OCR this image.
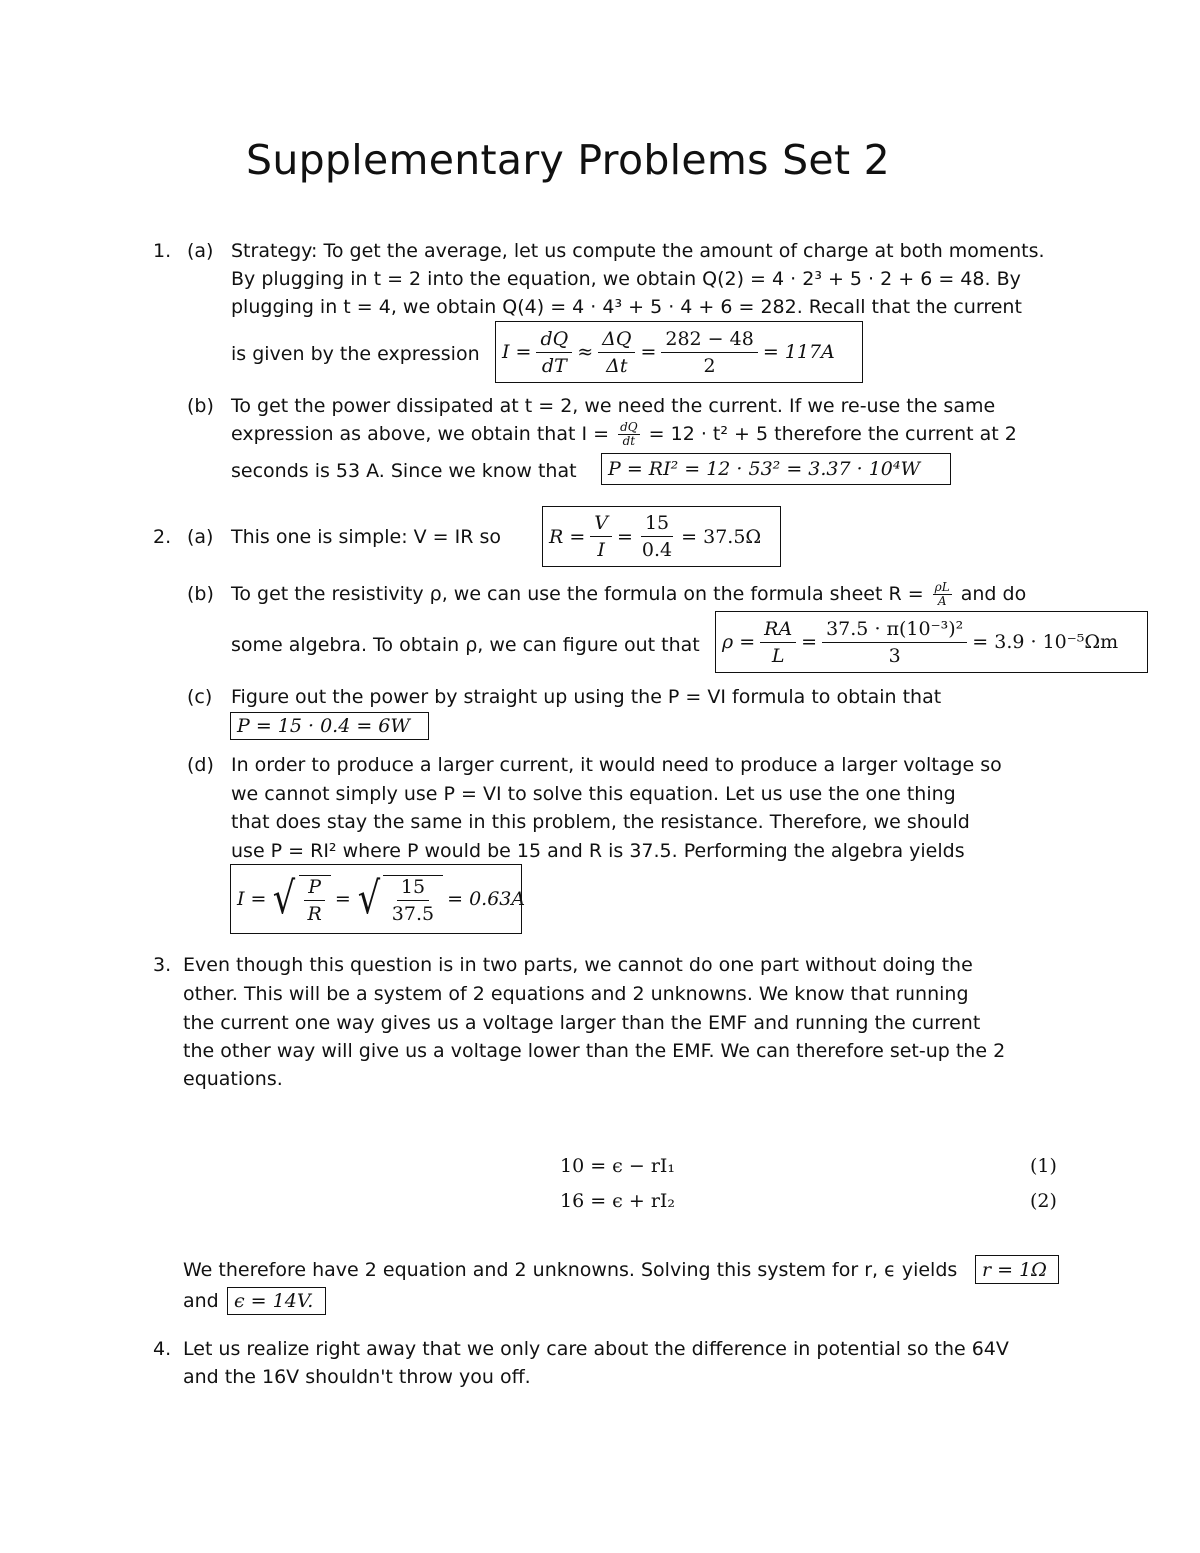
Supplementary Problems Set 2
1. (a) Strategy: To get the average, let us compute the amount of charge at both moments.
By plugging in t = 2 into the equation, we obtain Q(2) = 4 · 2³ + 5 · 2 + 6 = 48. By
plugging in t = 4, we obtain Q(4) = 4 · 4³ + 5 · 4 + 6 = 282. Recall that the current
is given by the expression $I = \frac{dQ}{dT} \approx \frac{\Delta Q}{\Delta t} = \frac{282 - 48}{2} = 117A$
(b) To get the power dissipated at t = 2, we need the current. If we re-use the same
expression as above, we obtain that $I = \frac{dQ}{dt} = 12 \cdot t^2 + 5$ therefore the current at 2
seconds is 53 A. Since we know that P = RI² = 12 · 53² = 3.37 · 10⁴W
2. (a) This one is simple: V = IR so	$R = \frac{V}{I} = \frac{15}{0.4} = 37.5\Omega$
(b) To get the resistivity ρ, we can use the formula on the formula sheet $R = \frac{\rho L}{A}$ and do
some algebra. To obtain ρ, we can figure out that $\rho = \frac{RA}{L} = \frac{\text{37.5 · π(10⁻³)²}}{3} = 3.9 \cdot 10^{-5}\Omega m$
(c) Figure out the power by straight up using the P = VI formula to obtain that
P = 15 · 0.4 = 6W
(d) In order to produce a larger current, it would need to produce a larger voltage so
we cannot simply use P = VI to solve this equation. Let us use the one thing
that does stay the same in this problem, the resistance. Therefore, we should
use P = RI² where P would be 15 and R is 37.5. Performing the algebra yields
I = √ $\frac{P}{R}$ = √ $\frac{15}{37.5} = 0.63A$
3. Even though this question is in two parts, we cannot do one part without doing the
other. This will be a system of 2 equations and 2 unknowns. We know that running
the current one way gives us a voltage larger than the EMF and running the current
the other way will give us a voltage lower than the EMF. We can therefore set-up the 2
equations.
10 = ϵ − rI₁	(1)
16 = ϵ + rI₂	(2)
We therefore have 2 equation and 2 unknowns. Solving this system for r, ϵ yields r = 1Ω
and ϵ = 14V.
4. Let us realize right away that we only care about the difference in potential so the 64V
and the 16V shouldn't throw you off.
